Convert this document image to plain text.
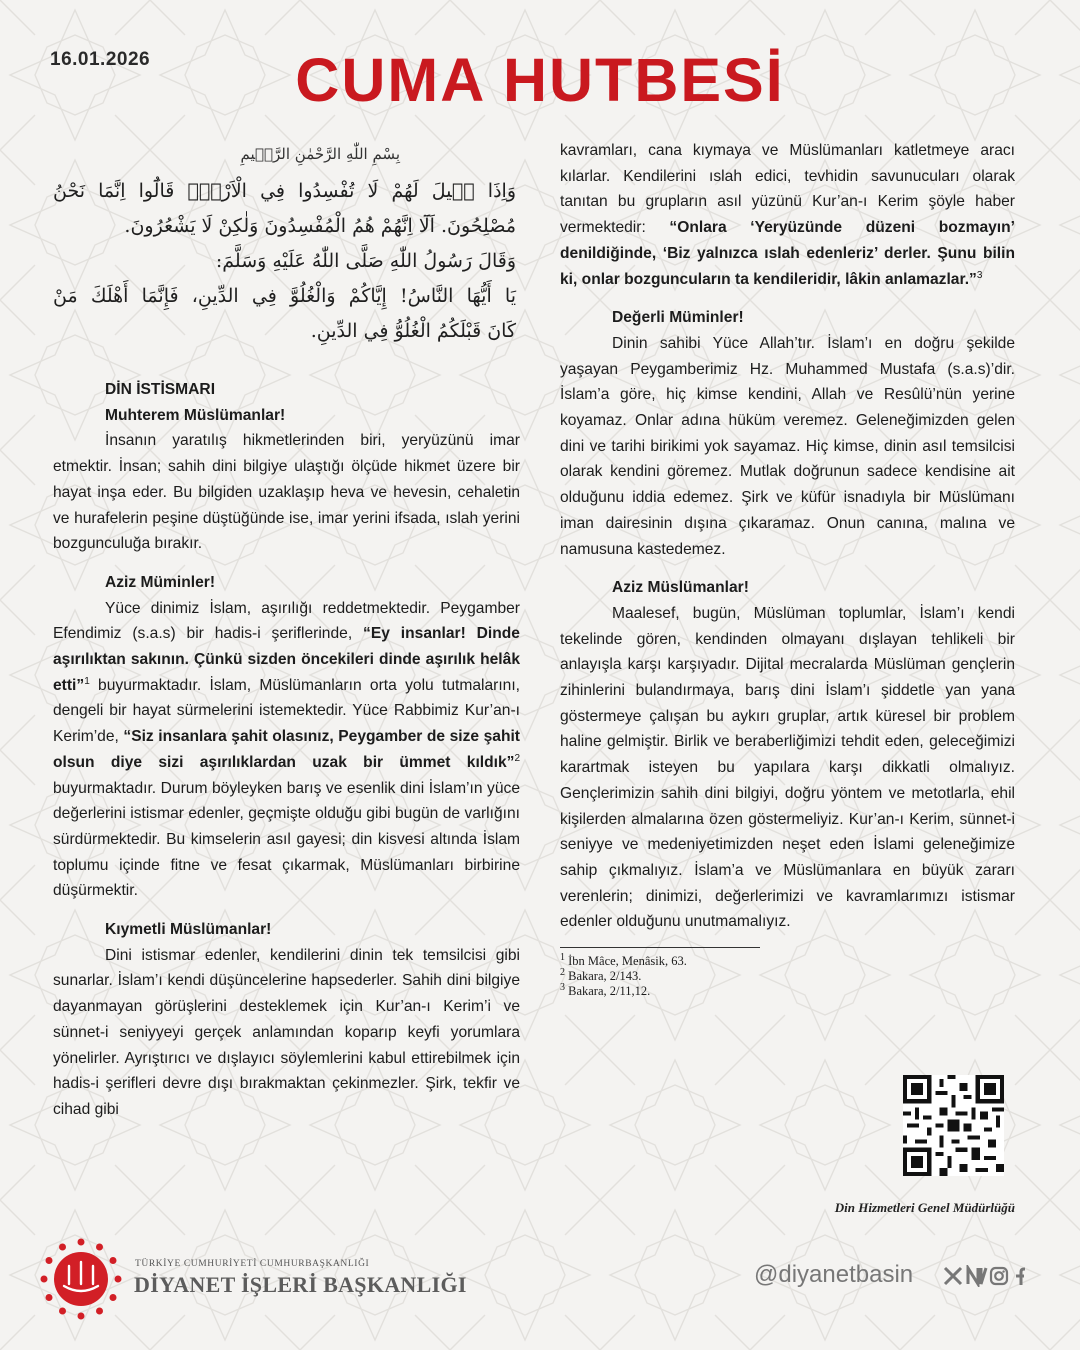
16.01.2026	CUMA HUTBESİ
بِسْمِ اللّٰهِ الرَّحْمٰنِ الرَّح۪يمِ
وَاِذَا ق۪يلَ لَهُمْ لَا تُفْسِدُوا فِي الْاَرْضِۙ قَالُٓوا اِنَّمَا نَحْنُ
مُصْلِحُونَ. اَلَٓا اِنَّهُمْ هُمُ الْمُفْسِدُونَ وَلٰكِنْ لَا يَشْعُرُونَ.
وَقَالَ رَسُولُ اللّٰهِ صَلَّى اللّٰهُ عَلَيْهِ وَسَلَّمَ:
يَا أَيُّهَا النَّاسُ! إِيَّاكُمْ وَالْغُلُوَّ فِي الدِّينِ، فَإِنَّمَا أَهْلَكَ مَنْ
كَانَ قَبْلَكُمُ الْغُلُوُّ فِي الدِّينِ.
DİN İSTİSMARI
Muhterem Müslümanlar!

İnsanın yaratılış hikmetlerinden biri, yeryüzünü imar etmektir. İnsan; sahih dini bilgiye ulaştığı ölçüde hikmet üzere bir hayat inşa eder. Bu bilgiden uzaklaşıp heva ve hevesin, cehaletin ve hurafelerin peşine düştüğünde ise, imar yerini ifsada, ıslah yerini bozgunculuğa bırakır.

Aziz Müminler!

Yüce dinimiz İslam, aşırılığı reddetmektedir. Peygamber Efendimiz (s.a.s) bir hadis-i şeriflerinde, “Ey insanlar! Dinde aşırılıktan sakının. Çünkü sizden öncekileri dinde aşırılık helâk etti”$^1$ buyurmaktadır. İslam, Müslümanların orta yolu tutmalarını, dengeli bir hayat sürmelerini istemektedir. Yüce Rabbimiz Kur’an-ı Kerim’de, “Siz insanlara şahit olasınız, Peygamber de size şahit olsun diye sizi aşırılıklardan uzak bir ümmet kıldık”$^2$ buyurmaktadır. Durum böyleyken barış ve esenlik dini İslam’ın yüce değerlerini istismar edenler, geçmişte olduğu gibi bugün de varlığını sürdürmektedir. Bu kimselerin asıl gayesi; din kisvesi altında İslam toplumu içinde fitne ve fesat çıkarmak, Müslümanları birbirine düşürmektir.

Kıymetli Müslümanlar!

Dini istismar edenler, kendilerini dinin tek temsilcisi gibi sunarlar. İslam’ı kendi düşüncelerine hapsederler. Sahih dini bilgiye dayanmayan görüşlerini desteklemek için Kur’an-ı Kerim’i ve sünnet-i seniyyeyi gerçek anlamından koparıp keyfi yorumlara yönelirler. Ayrıştırıcı ve dışlayıcı söylemlerini kabul ettirebilmek için hadis-i şerifleri devre dışı bırakmaktan çekinmezler. Şirk, tekfir ve cihad gibi

kavramları, cana kıymaya ve Müslümanları katletmeye aracı kılarlar. Kendilerini ıslah edici, tevhidin savunucuları olarak tanıtan bu grupların asıl yüzünü Kur’an-ı Kerim şöyle haber vermektedir: “Onlara ‘Yeryüzünde düzeni bozmayın’ denildiğinde, ‘Biz yalnızca ıslah edenleriz’ derler. Şunu bilin ki, onlar bozguncuların ta kendileridir, lâkin anlamazlar.”$^3$

Değerli Müminler!

Dinin sahibi Yüce Allah’tır. İslam’ı en doğru şekilde yaşayan Peygamberimiz Hz. Muhammed Mustafa (s.a.s)’dir. İslam’a göre, hiç kimse kendini, Allah ve Resûlü’nün yerine koyamaz. Onlar adına hüküm veremez. Geleneğimizden gelen dini ve tarihi birikimi yok sayamaz. Hiç kimse, dinin asıl temsilcisi olarak kendini göremez. Mutlak doğrunun sadece kendisine ait olduğunu iddia edemez. Şirk ve küfür isnadıyla bir Müslümanı iman dairesinin dışına çıkaramaz. Onun canına, malına ve namusuna kastedemez.

Aziz Müslümanlar!

Maalesef, bugün, Müslüman toplumlar, İslam’ı kendi tekelinde gören, kendinden olmayanı dışlayan tehlikeli bir anlayışla karşı karşıyadır. Dijital mecralarda Müslüman gençlerin zihinlerini bulandırmaya, barış dini İslam’ı şiddetle yan yana göstermeye çalışan bu aykırı gruplar, artık küresel bir problem haline gelmiştir. Birlik ve beraberliğimizi tehdit eden, geleceğimizi karartmak isteyen bu yapılara karşı dikkatli olmalıyız. Gençlerimizin sahih dini bilgiyi, doğru yöntem ve metotlarla, ehil kişilerden almalarına özen göstermeliyiz. Kur’an-ı Kerim, sünnet-i seniyye ve medeniyetimizden neşet eden İslami geleneğimize sahip çıkmalıyız. İslam’a ve Müslümanlara en büyük zararı verenlerin; dinimizi, değerlerimizi ve kavramlarımızı istismar edenler olduğunu unutmamalıyız.

$^1$ İbn Mâce, Menâsik, 63.
$^2$ Bakara, 2/143.
$^3$ Bakara, 2/11,12.
Din Hizmetleri Genel Müdürlüğü
TÜRKİYE CUMHURİYETİ CUMHURBAŞKANLIĞI
DİYANET İŞLERİ BAŞKANLIĞI	@diyanetbasin
